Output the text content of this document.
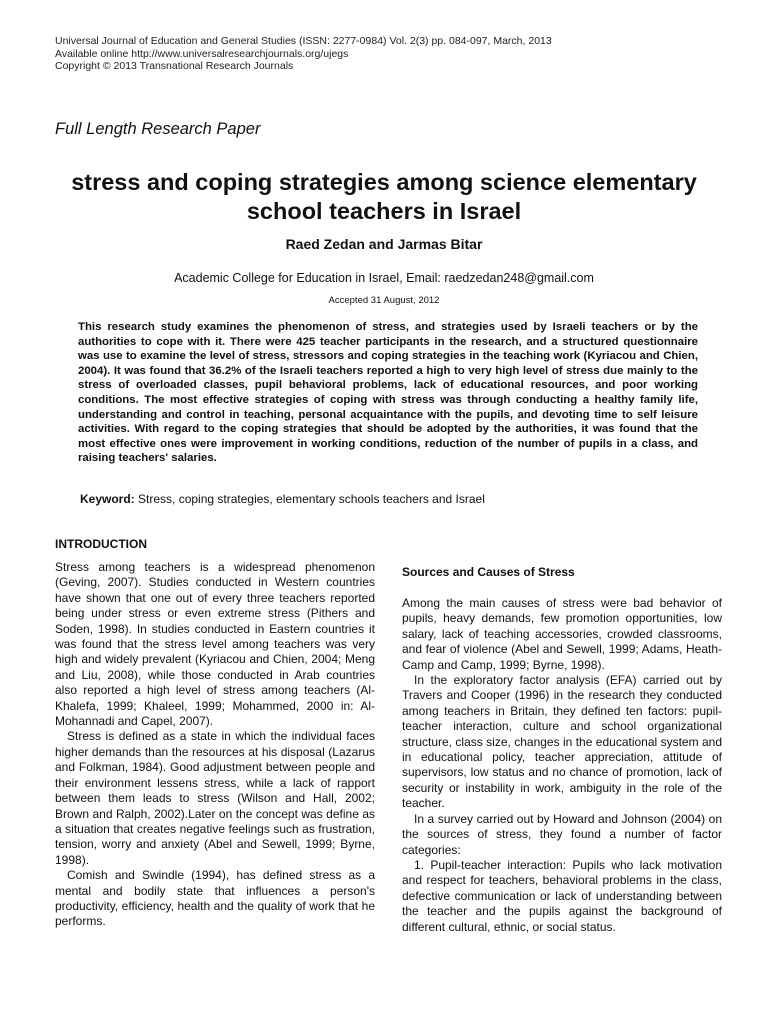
Universal Journal of Education and General Studies (ISSN: 2277-0984) Vol. 2(3) pp. 084-097, March, 2013
Available online http://www.universalresearchjournals.org/ujegs
Copyright © 2013 Transnational Research Journals
Full Length Research Paper
stress and coping strategies among science elementary school teachers in Israel
Raed Zedan and Jarmas Bitar
Academic College for Education in Israel, Email: raedzedan248@gmail.com
Accepted 31 August, 2012
This research study examines the phenomenon of stress, and strategies used by Israeli teachers or by the authorities to cope with it. There were 425 teacher participants in the research, and a structured questionnaire was use to examine the level of stress, stressors and coping strategies in the teaching work (Kyriacou and Chien, 2004). It was found that 36.2% of the Israeli teachers reported a high to very high level of stress due mainly to the stress of overloaded classes, pupil behavioral problems, lack of educational resources, and poor working conditions. The most effective strategies of coping with stress was through conducting a healthy family life, understanding and control in teaching, personal acquaintance with the pupils, and devoting time to self leisure activities. With regard to the coping strategies that should be adopted by the authorities, it was found that the most effective ones were improvement in working conditions, reduction of the number of pupils in a class, and raising teachers' salaries.
Keyword: Stress, coping strategies, elementary schools teachers and Israel
INTRODUCTION

Stress among teachers is a widespread phenomenon (Geving, 2007). Studies conducted in Western countries have shown that one out of every three teachers reported being under stress or even extreme stress (Pithers and Soden, 1998). In studies conducted in Eastern countries it was found that the stress level among teachers was very high and widely prevalent (Kyriacou and Chien, 2004; Meng and Liu, 2008), while those conducted in Arab countries also reported a high level of stress among teachers (Al-Khalefa, 1999; Khaleel, 1999; Mohammed, 2000 in: Al-Mohannadi and Capel, 2007).

Stress is defined as a state in which the individual faces higher demands than the resources at his disposal (Lazarus and Folkman, 1984). Good adjustment between people and their environment lessens stress, while a lack of rapport between them leads to stress (Wilson and Hall, 2002; Brown and Ralph, 2002).Later on the concept was define as a situation that creates negative feelings such as frustration, tension, worry and anxiety (Abel and Sewell, 1999; Byrne, 1998).

Comish and Swindle (1994), has defined stress as a mental and bodily state that influences a person's productivity, efficiency, health and the quality of work that he performs.

Sources and Causes of Stress

Among the main causes of stress were bad behavior of pupils, heavy demands, few promotion opportunities, low salary, lack of teaching accessories, crowded classrooms, and fear of violence (Abel and Sewell, 1999; Adams, Heath-Camp and Camp, 1999; Byrne, 1998).

In the exploratory factor analysis (EFA) carried out by Travers and Cooper (1996) in the research they conducted among teachers in Britain, they defined ten factors: pupil-teacher interaction, culture and school organizational structure, class size, changes in the educational system and in educational policy, teacher appreciation, attitude of supervisors, low status and no chance of promotion, lack of security or instability in work, ambiguity in the role of the teacher.

In a survey carried out by Howard and Johnson (2004) on the sources of stress, they found a number of factor categories:

1. Pupil-teacher interaction: Pupils who lack motivation and respect for teachers, behavioral problems in the class, defective communication or lack of understanding between the teacher and the pupils against the background of different cultural, ethnic, or social status.
